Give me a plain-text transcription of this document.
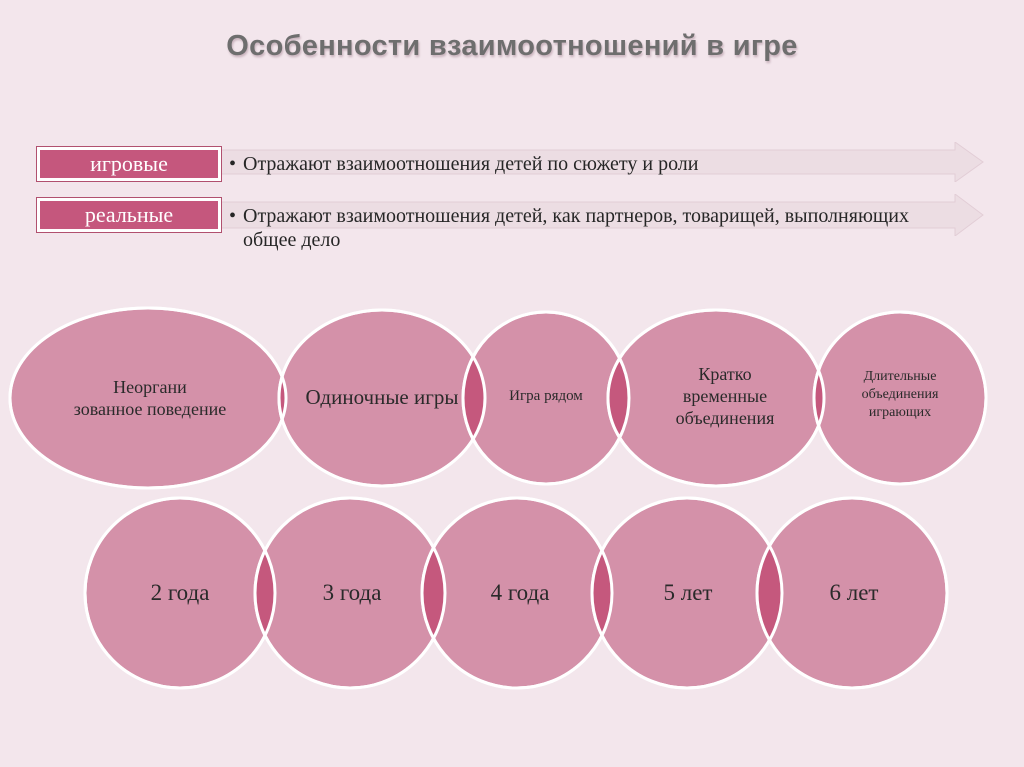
Особенности взаимоотношений в игре
игровые	• Отражают взаимоотношения детей по сюжету и роли
реальные	• Отражают взаимоотношения детей, как партнеров, товарищей, выполняющих общее дело
Неоргани
зованное поведение
Одиночные игры	Игра рядом
Кратко
временные
объединения
Длительные
объединения
играющих
2 года	3 года	4 года	5 лет	6 лет
